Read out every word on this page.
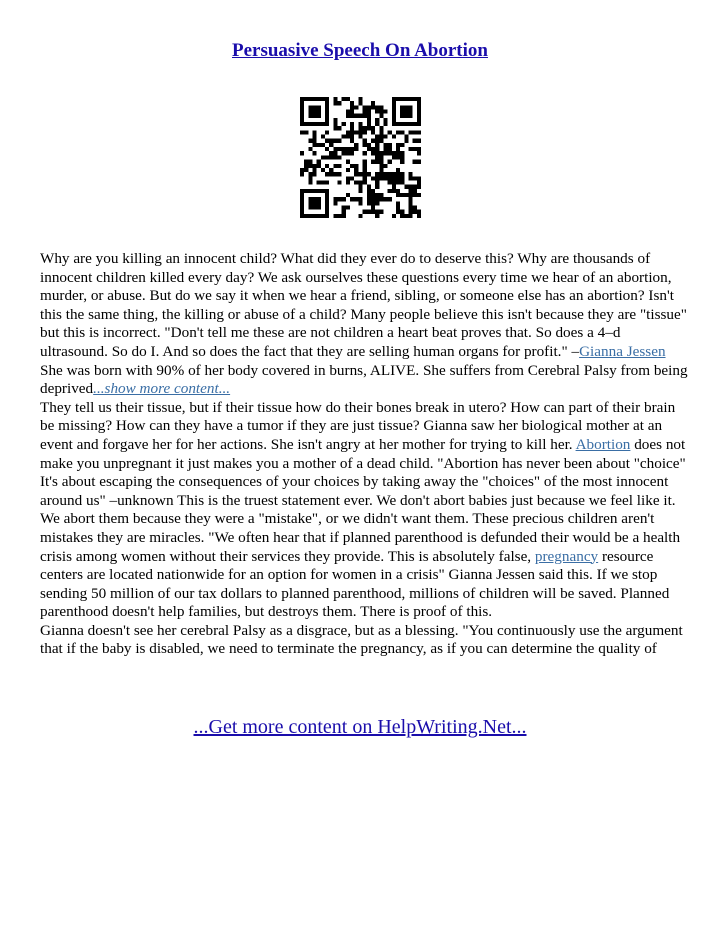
Persuasive Speech On Abortion

Why are you killing an innocent child? What did they ever do to deserve this? Why are thousands of innocent children killed every day? We ask ourselves these questions every time we hear of an abortion, murder, or abuse. But do we say it when we hear a friend, sibling, or someone else has an abortion? Isn't this the same thing, the killing or abuse of a child? Many people believe this isn't because they are "tissue" but this is incorrect. "Don't tell me these are not children a heart beat proves that. So does a 4–d ultrasound. So do I. And so does the fact that they are selling human organs for profit." –Gianna Jessen She was born with 90% of her body covered in burns, ALIVE. She suffers from Cerebral Palsy from being deprived...show more content...

They tell us their tissue, but if their tissue how do their bones break in utero? How can part of their brain be missing? How can they have a tumor if they are just tissue? Gianna saw her biological mother at an event and forgave her for her actions. She isn't angry at her mother for trying to kill her. Abortion does not make you unpregnant it just makes you a mother of a dead child. "Abortion has never been about "choice" It's about escaping the consequences of your choices by taking away the "choices" of the most innocent around us" –unknown This is the truest statement ever. We don't abort babies just because we feel like it. We abort them because they were a "mistake", or we didn't want them. These precious children aren't mistakes they are miracles. "We often hear that if planned parenthood is defunded their would be a health crisis among women without their services they provide. This is absolutely false, pregnancy resource centers are located nationwide for an option for women in a crisis" Gianna Jessen said this. If we stop sending 50 million of our tax dollars to planned parenthood, millions of children will be saved. Planned parenthood doesn't help families, but destroys them. There is proof of this.

Gianna doesn't see her cerebral Palsy as a disgrace, but as a blessing. "You continuously use the argument that if the baby is disabled, we need to terminate the pregnancy, as if you can determine the quality of

...Get more content on HelpWriting.Net...
